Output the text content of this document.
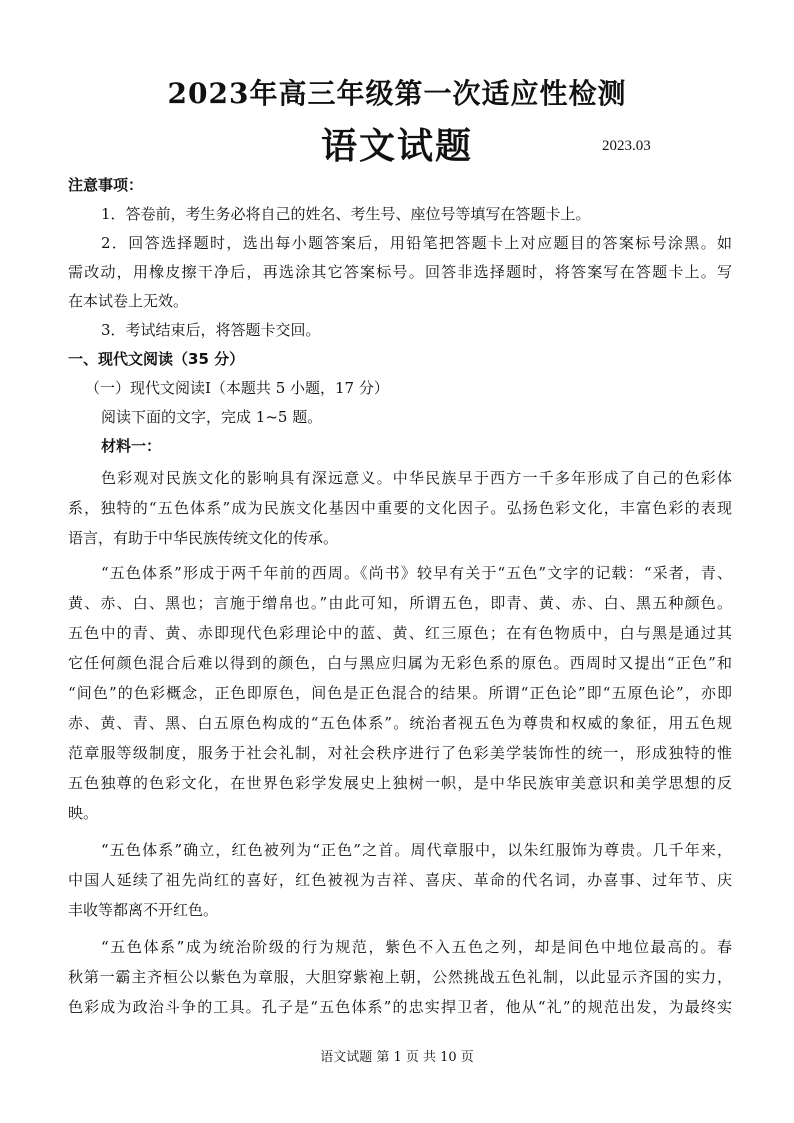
2023年高三年级第一次适应性检测
语文试题	2023.03
注意事项：
1．答卷前，考生务必将自己的姓名、考生号、座位号等填写在答题卡上。
2．回答选择题时，选出每小题答案后，用铅笔把答题卡上对应题目的答案标号涂黑。如
需改动，用橡皮擦干净后，再选涂其它答案标号。回答非选择题时，将答案写在答题卡上。写
在本试卷上无效。
3．考试结束后，将答题卡交回。
一、现代文阅读（35 分）
（一）现代文阅读Ⅰ（本题共 5 小题，17 分）
阅读下面的文字，完成 1~5 题。
材料一：
色彩观对民族文化的影响具有深远意义。中华民族早于西方一千多年形成了自己的色彩体
系，独特的“五色体系”成为民族文化基因中重要的文化因子。弘扬色彩文化，丰富色彩的表现
语言，有助于中华民族传统文化的传承。
“五色体系”形成于两千年前的西周。《尚书》较早有关于“五色”文字的记载：“采者，青、
黄、赤、白、黑也；言施于缯帛也。”由此可知，所谓五色，即青、黄、赤、白、黑五种颜色。
五色中的青、黄、赤即现代色彩理论中的蓝、黄、红三原色；在有色物质中，白与黑是通过其
它任何颜色混合后难以得到的颜色，白与黑应归属为无彩色系的原色。西周时又提出“正色”和
“间色”的色彩概念，正色即原色，间色是正色混合的结果。所谓“正色论”即“五原色论”，亦即
赤、黄、青、黑、白五原色构成的“五色体系”。统治者视五色为尊贵和权威的象征，用五色规
范章服等级制度，服务于社会礼制，对社会秩序进行了色彩美学装饰性的统一，形成独特的惟
五色独尊的色彩文化，在世界色彩学发展史上独树一帜，是中华民族审美意识和美学思想的反
映。
“五色体系”确立，红色被列为“正色”之首。周代章服中，以朱红服饰为尊贵。几千年来，
中国人延续了祖先尚红的喜好，红色被视为吉祥、喜庆、革命的代名词，办喜事、过年节、庆
丰收等都离不开红色。
“五色体系”成为统治阶级的行为规范，紫色不入五色之列，却是间色中地位最高的。春
秋第一霸主齐桓公以紫色为章服，大胆穿紫袍上朝，公然挑战五色礼制，以此显示齐国的实力，
色彩成为政治斗争的工具。孔子是“五色体系”的忠实捍卫者，他从“礼”的规范出发，为最终实
语文试题 第 1 页 共 10 页
